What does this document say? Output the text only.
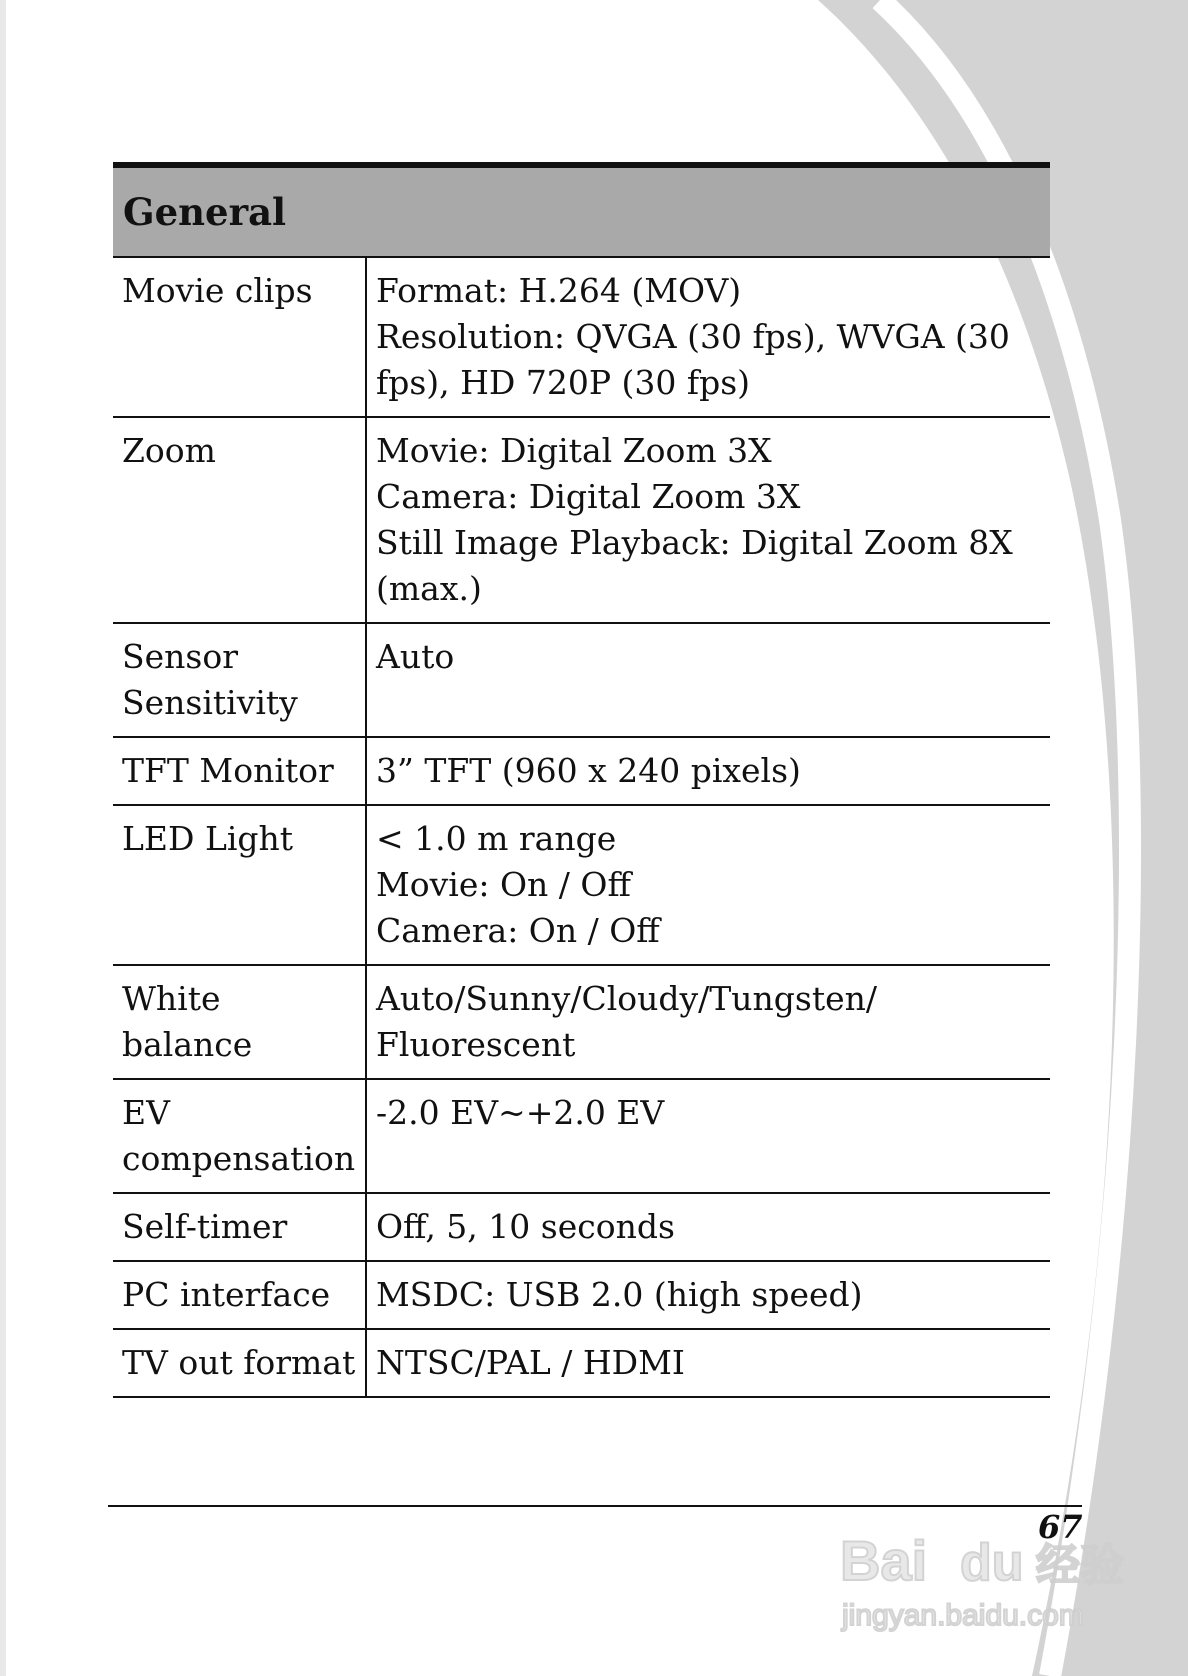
General	
Movie clips	Format: H.264 (MOV)
Resolution: QVGA (30 fps), WVGA (30 fps), HD 720P (30 fps)

Zoom	Movie: Digital Zoom 3X
Camera: Digital Zoom 3X
Still Image Playback: Digital Zoom 8X (max.)

Sensor Sensitivity	Auto

TFT Monitor	3” TFT (960 x 240 pixels)

LED Light	< 1.0 m range
Movie: On / Off
Camera: On / Off

White balance	Auto/Sunny/Cloudy/Tungsten/ Fluorescent

EV compensation	-2.0 EV~+2.0 EV

Self-timer	Off, 5, 10 seconds

PC interface	MSDC: USB 2.0 (high speed)

TV out format	NTSC/PAL / HDMI
67
Bai du 经验
jingyan.baidu.com
